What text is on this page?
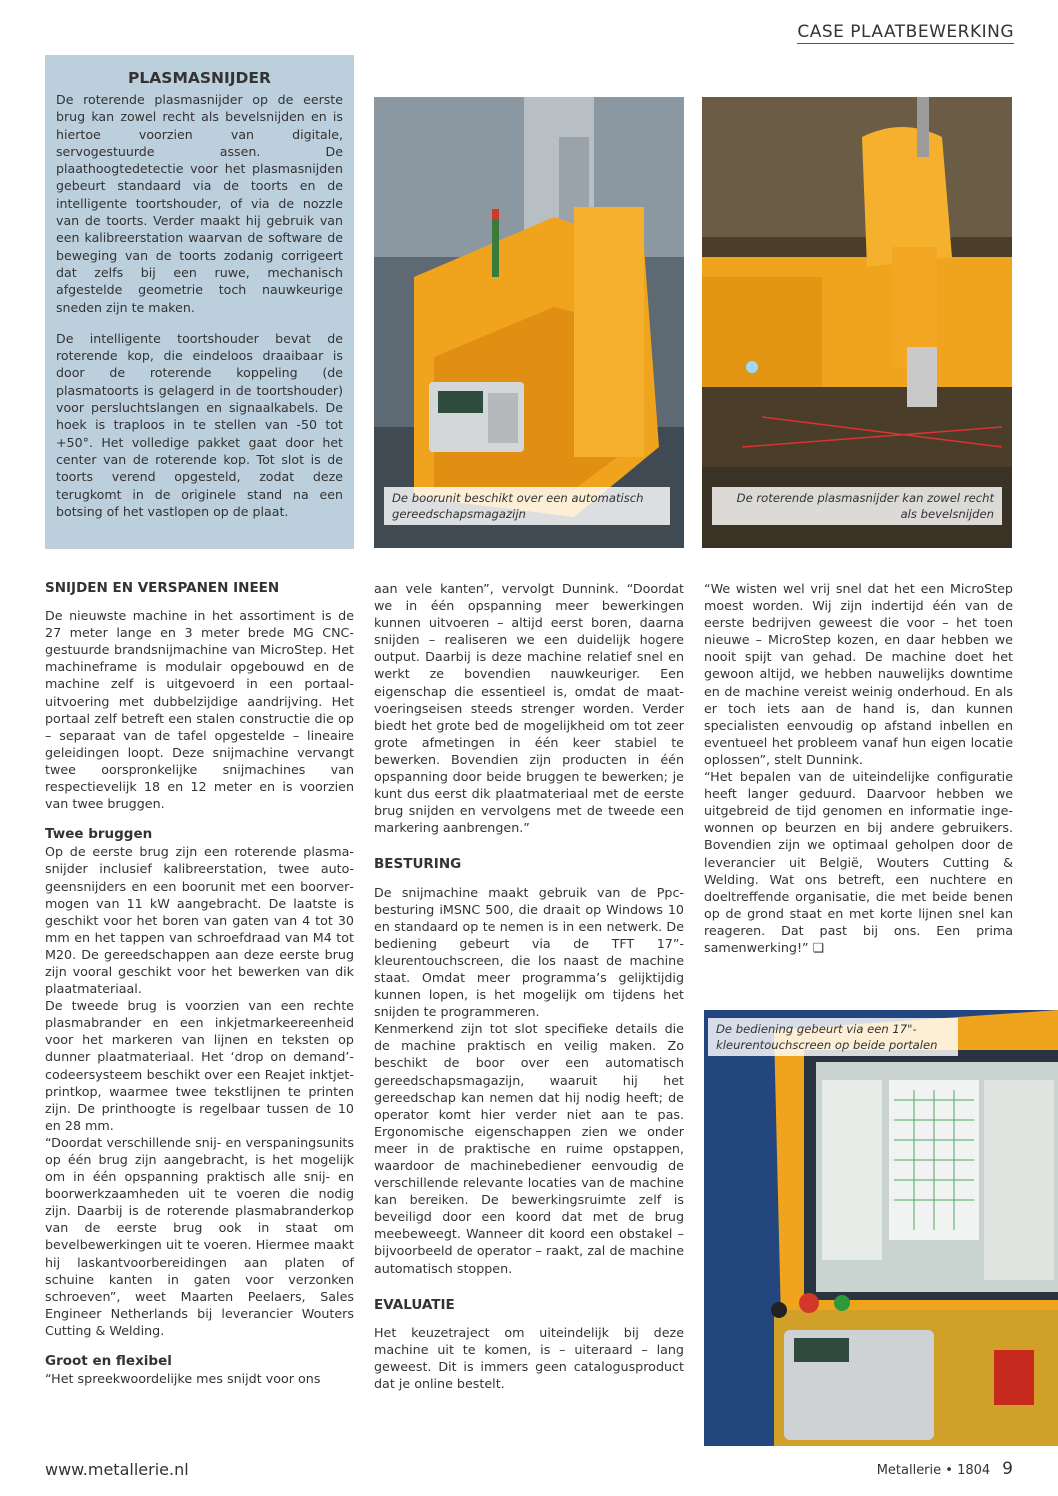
CASE PLAATBEWERKING
PLASMASNIJDER

De roterende plasmasnijder op de eerste brug kan zowel recht als bevelsnijden en is hiertoe voorzien van digitale, servogestuurde assen. De plaathoogtedetectie voor het plasmasnijden gebeurt standaard via de toorts en de intelligente toortshouder, of via de nozzle van de toorts. Verder maakt hij gebruik van een kalibreerstation waarvan de software de beweging van de toorts zodanig corrigeert dat zelfs bij een ruwe, mechanisch afgestelde geometrie toch nauwkeurige sneden zijn te maken.

De intelligente toortshouder bevat de roterende kop, die eindeloos draaibaar is door de roterende koppeling (de plasmatoorts is gelagerd in de toortshouder) voor persluchtslangen en signaalkabels. De hoek is traploos in te stellen van -50 tot +50°. Het volledige pakket gaat door het center van de roterende kop. Tot slot is de toorts verend opgesteld, zodat deze terugkomt in de originele stand na een botsing of het vastlopen op de plaat.

De boorunit beschikt over een automatisch gereedschapsmagazijn
De roterende plasmasnijder kan zowel recht als bevelsnijden
SNIJDEN EN VERSPANEN INEEN

De nieuwste machine in het assortiment is de 27 meter lange en 3 meter brede MG CNC-gestuurde brandsnijmachine van MicroStep. Het machineframe is modulair opgebouwd en de machine zelf is uitgevoerd in een portaaluitvoering met dubbelzijdige aandrijving. Het portaal zelf betreft een stalen constructie die op – separaat van de tafel opgestelde – lineaire geleidingen loopt. Deze snijmachine vervangt twee oorspronkelijke snijmachines van respectievelijk 18 en 12 meter en is voorzien van twee bruggen.

Twee bruggen

Op de eerste brug zijn een roterende plasmasnijder inclusief kalibreerstation, twee autogeensnijders en een boorunit met een boorvermogen van 11 kW aangebracht. De laatste is geschikt voor het boren van gaten van 4 tot 30 mm en het tappen van schroefdraad van M4 tot M20. De gereedschappen aan deze eerste brug zijn vooral geschikt voor het bewerken van dik plaatmateriaal.

De tweede brug is voorzien van een rechte plasmabrander en een inkjetmarkeereenheid voor het markeren van lijnen en teksten op dunner plaatmateriaal. Het ‘drop on demand’-codeersysteem beschikt over een Reajet inktjetprintkop, waarmee twee tekstlijnen te printen zijn. De printhoogte is regelbaar tussen de 10 en 28 mm.

“Doordat verschillende snij- en verspaningsunits op één brug zijn aangebracht, is het mogelijk om in één opspanning praktisch alle snij- en boorwerkzaamheden uit te voeren die nodig zijn. Daarbij is de roterende plasmabranderkop van de eerste brug ook in staat om bevelbewerkingen uit te voeren. Hiermee maakt hij laskantvoorbereidingen aan platen of schuine kanten in gaten voor verzonken schroeven”, weet Maarten Peelaers, Sales Engineer Netherlands bij leverancier Wouters Cutting & Welding.

Groot en flexibel

“Het spreekwoordelijke mes snijdt voor ons

aan vele kanten”, vervolgt Dunnink. “Doordat we in één opspanning meer bewerkingen kunnen uitvoeren – altijd eerst boren, daarna snijden – realiseren we een duidelijk hogere output. Daarbij is deze machine relatief snel en werkt ze bovendien nauwkeuriger. Een eigenschap die essentieel is, omdat de maatvoeringseisen steeds strenger worden. Verder biedt het grote bed de mogelijkheid om tot zeer grote afmetingen in één keer stabiel te bewerken. Bovendien zijn producten in één opspanning door beide bruggen te bewerken; je kunt dus eerst dik plaatmateriaal met de eerste brug snijden en vervolgens met de tweede een markering aanbrengen.”

BESTURING

De snijmachine maakt gebruik van de Ppc-besturing iMSNC 500, die draait op Windows 10 en standaard op te nemen is in een netwerk. De bediening gebeurt via de TFT 17”-kleurentouchscreen, die los naast de machine staat. Omdat meer programma’s gelijktijdig kunnen lopen, is het mogelijk om tijdens het snijden te programmeren.

Kenmerkend zijn tot slot specifieke details die de machine praktisch en veilig maken. Zo beschikt de boor over een automatisch gereedschapsmagazijn, waaruit hij het gereedschap kan nemen dat hij nodig heeft; de operator komt hier verder niet aan te pas. Ergonomische eigenschappen zien we onder meer in de praktische en ruime opstappen, waardoor de machinebediener eenvoudig de verschillende relevante locaties van de machine kan bereiken. De bewerkingsruimte zelf is beveiligd door een koord dat met de brug meebeweegt. Wanneer dit koord een obstakel – bijvoorbeeld de operator – raakt, zal de machine automatisch stoppen.

EVALUATIE

Het keuzetraject om uiteindelijk bij deze machine uit te komen, is – uiteraard – lang geweest. Dit is immers geen catalogusproduct dat je online bestelt.

“We wisten wel vrij snel dat het een MicroStep moest worden. Wij zijn indertijd één van de eerste bedrijven geweest die voor – het toen nieuwe – MicroStep kozen, en daar hebben we nooit spijt van gehad. De machine doet het gewoon altijd, we hebben nauwelijks downtime en de machine vereist weinig onderhoud. En als er toch iets aan de hand is, dan kunnen specialisten eenvoudig op afstand inbellen en eventueel het probleem vanaf hun eigen locatie oplossen”, stelt Dunnink.

“Het bepalen van de uiteindelijke configuratie heeft langer geduurd. Daarvoor hebben we uitgebreid de tijd genomen en informatie ingewonnen op beurzen en bij andere gebruikers. Bovendien zijn we optimaal geholpen door de leverancier uit België, Wouters Cutting & Welding. Wat ons betreft, een nuchtere en doeltreffende organisatie, die met beide benen op de grond staat en met korte lijnen snel kan reageren. Dat past bij ons. Een prima samenwerking!” ❑

De bediening gebeurt via een 17"-kleurentouchscreen op beide portalen
www.metallerie.nl	Metallerie • 1804 9
